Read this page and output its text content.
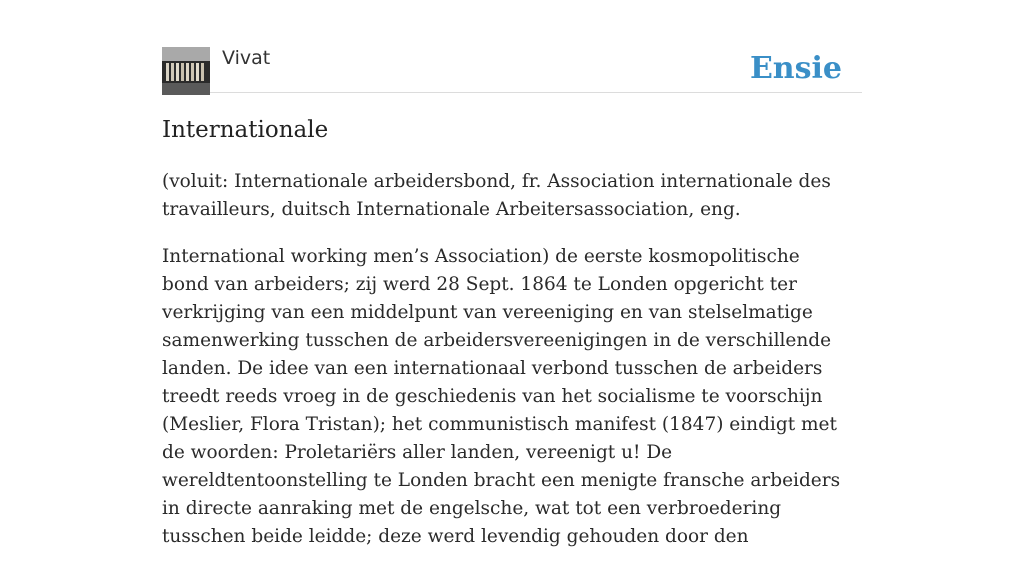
Vivat	Ensie
Internationale

(voluit: Internationale arbeidersbond, fr. Association internationale des travailleurs, duitsch Internationale Arbeitersassociation, eng.

International working men’s Association) de eerste kosmopolitische bond van arbeiders; zij werd 28 Sept. 1864 te Londen opgericht ter verkrijging van een middelpunt van vereeniging en van stelselmatige samenwerking tusschen de arbeidersvereenigingen in de verschillende landen. De idee van een internationaal verbond tusschen de arbeiders treedt reeds vroeg in de geschiedenis van het socialisme te voorschijn (Meslier, Flora Tristan); het communistisch manifest (1847) eindigt met de woorden: Proletariërs aller landen, vereenigt u! De wereldtentoonstelling te Londen bracht een menigte fransche arbeiders in directe aanraking met de engelsche, wat tot een verbroedering tusschen beide leidde; deze werd levendig gehouden door den
